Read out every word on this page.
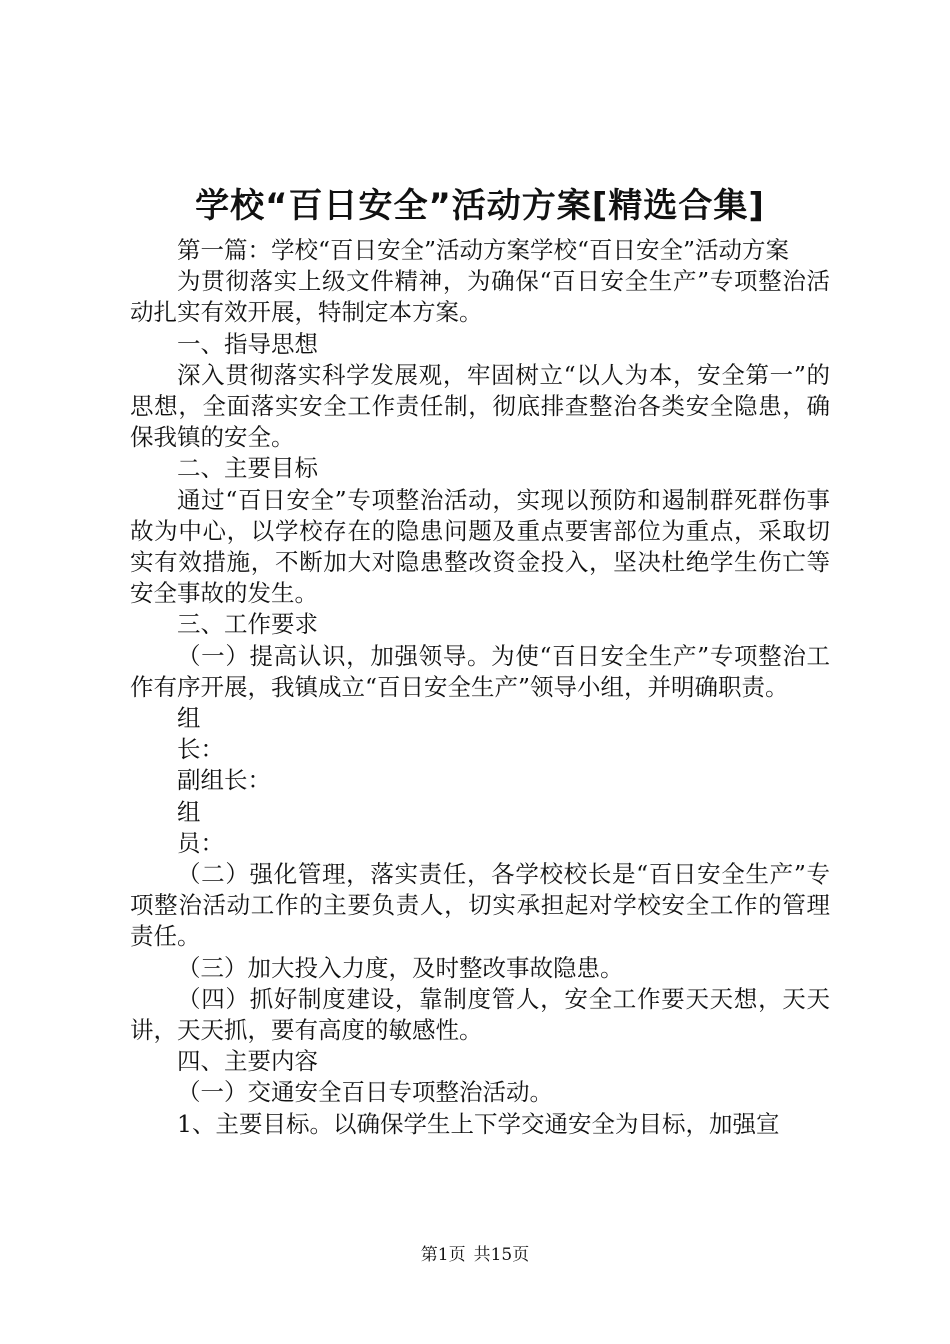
学校“百日安全”活动方案[精选合集]

第一篇：学校“百日安全”活动方案学校“百日安全”活动方案

为贯彻落实上级文件精神，为确保“百日安全生产”专项整治活动扎实有效开展，特制定本方案。

一、指导思想

深入贯彻落实科学发展观，牢固树立“以人为本，安全第一”的思想，全面落实安全工作责任制，彻底排查整治各类安全隐患，确保我镇的安全。

二、主要目标

通过“百日安全”专项整治活动，实现以预防和遏制群死群伤事故为中心，以学校存在的隐患问题及重点要害部位为重点，采取切实有效措施，不断加大对隐患整改资金投入，坚决杜绝学生伤亡等安全事故的发生。

三、工作要求

（一）提高认识，加强领导。为使“百日安全生产”专项整治工作有序开展，我镇成立“百日安全生产”领导小组，并明确职责。

组

长：

副组长：

组

员：

（二）强化管理，落实责任，各学校校长是“百日安全生产”专项整治活动工作的主要负责人，切实承担起对学校安全工作的管理责任。

（三）加大投入力度，及时整改事故隐患。

（四）抓好制度建设，靠制度管人，安全工作要天天想，天天讲，天天抓，要有高度的敏感性。

四、主要内容

（一）交通安全百日专项整治活动。

1、主要目标。以确保学生上下学交通安全为目标，加强宣

第1页 共15页
